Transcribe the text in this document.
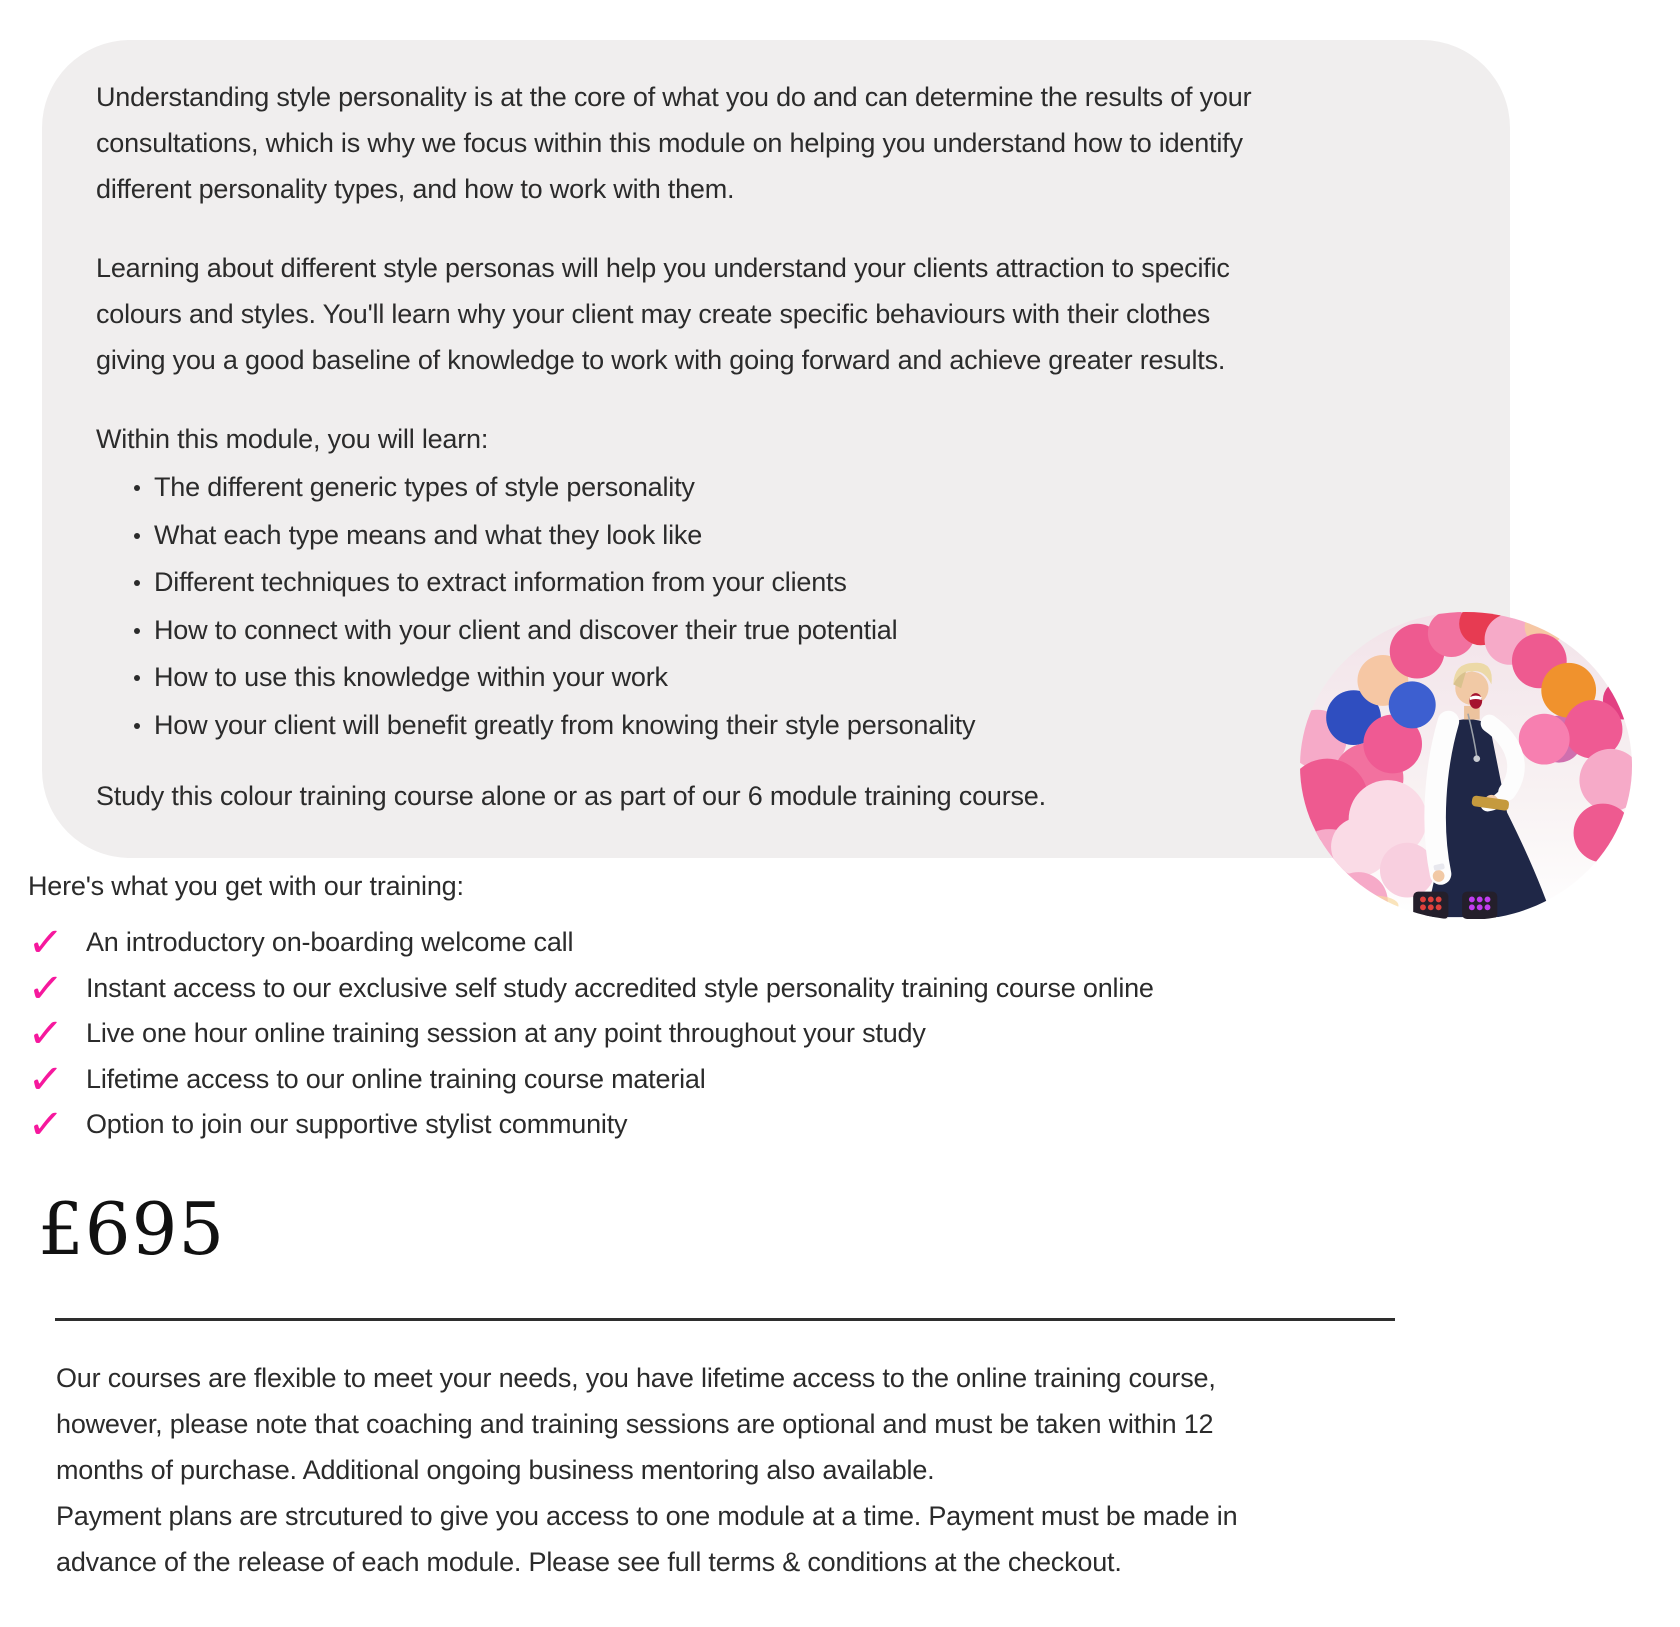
Understanding style personality is at the core of what you do and can determine the results of your
consultations, which is why we focus within this module on helping you understand how to identify
different personality types, and how to work with them.
Learning about different style personas will help you understand your clients attraction to specific
colours and styles. You'll learn why your client may create specific behaviours with their clothes
giving you a good baseline of knowledge to work with going forward and achieve greater results.

Within this module, you will learn:

The different generic types of style personality
What each type means and what they look like
Different techniques to extract information from your clients
How to connect with your client and discover their true potential
How to use this knowledge within your work
How your client will benefit greatly from knowing their style personality

Study this colour training course alone or as part of our 6 module training course.

Here's what you get with our training:

✓ An introductory on-boarding welcome call
✓ Instant access to our exclusive self study accredited style personality training course online
✓ Live one hour online training session at any point throughout your study
✓ Lifetime access to our online training course material
✓ Option to join our supportive stylist community
£695
Our courses are flexible to meet your needs, you have lifetime access to the online training course,
however, please note that coaching and training sessions are optional and must be taken within 12
months of purchase. Additional ongoing business mentoring also available.
Payment plans are strcutured to give you access to one module at a time. Payment must be made in
advance of the release of each module. Please see full terms & conditions at the checkout.
